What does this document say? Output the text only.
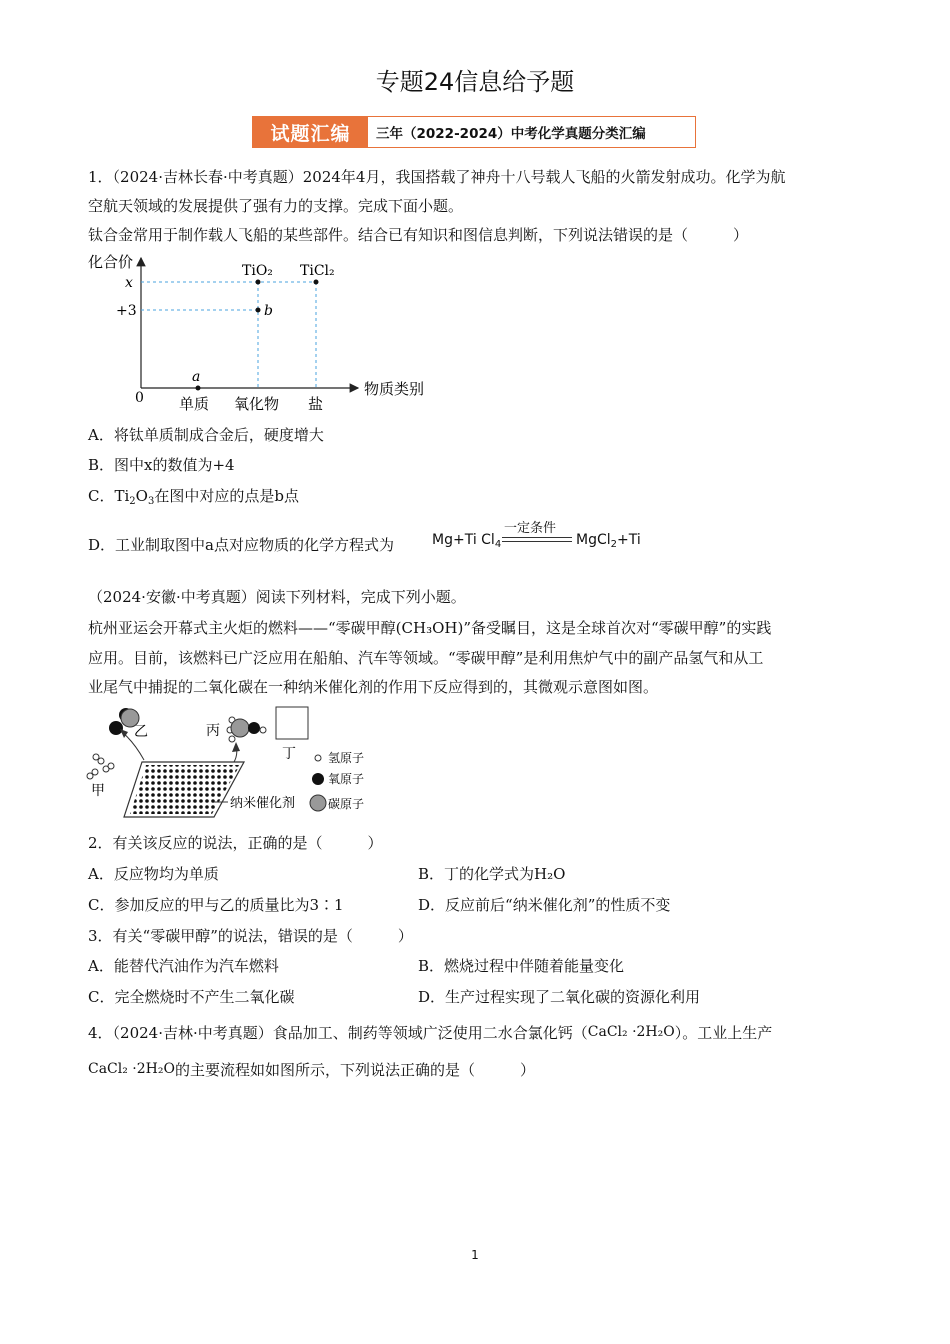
专题24信息给予题
试题汇编	三年（2022-2024）中考化学真题分类汇编
1．（2024·吉林长春·中考真题）2024年4月，我国搭载了神舟十八号载人飞船的火箭发射成功。化学为航
空航天领域的发展提供了强有力的支撑。完成下面小题。
钛合金常用于制作载人飞船的某些部件。结合已有知识和图信息判断，下列说法错误的是（　　　）
化合价
物质类别
0
x
+3
a
b
TiO₂ TiCl₂
单质 氧化物 盐
A．将钛单质制成合金后，硬度增大
B．图中x的数值为+4
C．$Ti_2O_3$在图中对应的点是b点
D．工业制取图中a点对应物质的化学方程式为	Mg+Ti $Cl_4$
一定条件
MgCl$_2$+Ti
（2024·安徽·中考真题）阅读下列材料，完成下列小题。
杭州亚运会开幕式主火炬的燃料——“零碳甲醇(CH₃OH)”备受瞩目，这是全球首次对“零碳甲醇”的实践
应用。目前，该燃料已广泛应用在船舶、汽车等领域。“零碳甲醇”是利用焦炉气中的副产品氢气和从工
业尾气中捕捉的二氧化碳在一种纳米催化剂的作用下反应得到的，其微观示意图如图。
乙	丙
丁
甲
纳米催化剂
氢原子
氧原子
碳原子
2．有关该反应的说法，正确的是（　　　）
A．反应物均为单质	B．丁的化学式为H₂O
C．参加反应的甲与乙的质量比为3∶1	D．反应前后“纳米催化剂”的性质不变
3．有关“零碳甲醇”的说法，错误的是（　　　）
A．能替代汽油作为汽车燃料	B．燃烧过程中伴随着能量变化
C．完全燃烧时不产生二氧化碳	D．生产过程实现了二氧化碳的资源化利用
4．（2024·吉林·中考真题）食品加工、制药等领域广泛使用二水合氯化钙（CaCl₂ ·2H₂O）。工业上生产
CaCl₂ ·2H₂O的主要流程如如图所示，下列说法正确的是（　　　）
1
